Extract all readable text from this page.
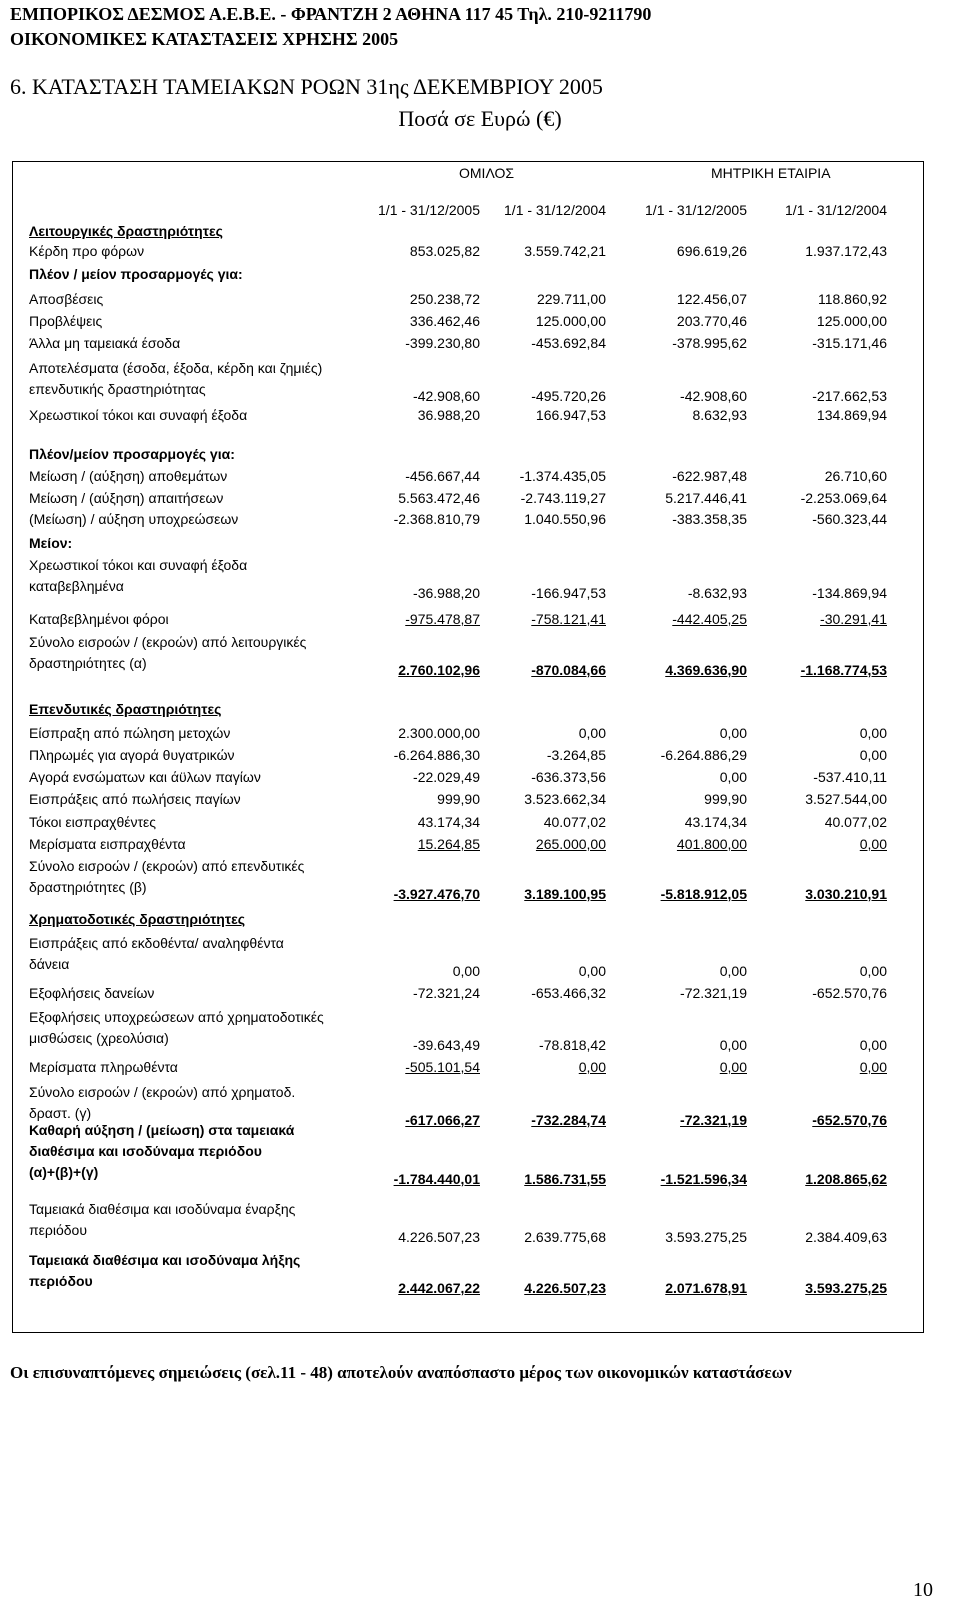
ΕΜΠΟΡΙΚΟΣ ΔΕΣΜΟΣ Α.Ε.Β.Ε. - ΦΡΑΝΤΖΗ 2 ΑΘΗΝΑ 117 45 Τηλ. 210-9211790
ΟΙΚΟΝΟΜΙΚΕΣ ΚΑΤΑΣΤΑΣΕΙΣ ΧΡΗΣΗΣ 2005
6. ΚΑΤΑΣΤΑΣΗ ΤΑΜΕΙΑΚΩΝ ΡΟΩΝ 31ης ΔΕΚΕΜΒΡΙΟΥ 2005
Ποσά σε Ευρώ (€)
ΟΜΙΛΟΣ	ΜΗΤΡΙΚΗ ΕΤΑΙΡΙΑ
1/1 - 31/12/2005 1/1 - 31/12/2004	1/1 - 31/12/2005	1/1 - 31/12/2004
Λειτουργικές δραστηριότητες
Κέρδη προ φόρων	853.025,82	3.559.742,21	696.619,26	1.937.172,43
Πλέον / μείον προσαρμογές για:
Αποσβέσεις	250.238,72	229.711,00	122.456,07	118.860,92
Προβλέψεις	336.462,46	125.000,00	203.770,46	125.000,00
Άλλα μη ταμειακά έσοδα	-399.230,80	-453.692,84	-378.995,62	-315.171,46
Αποτελέσματα (έσοδα, έξοδα, κέρδη και ζημιές)
επενδυτικής δραστηριότητας	-42.908,60	-495.720,26	-42.908,60	-217.662,53
Χρεωστικοί τόκοι και συναφή έξοδα	36.988,20	166.947,53	8.632,93	134.869,94
Πλέον/μείον προσαρμογές για:
Μείωση / (αύξηση) αποθεμάτων	-456.667,44	-1.374.435,05	-622.987,48	26.710,60
Μείωση / (αύξηση) απαιτήσεων	5.563.472,46	-2.743.119,27	5.217.446,41	-2.253.069,64
(Μείωση) / αύξηση υποχρεώσεων	-2.368.810,79	1.040.550,96	-383.358,35	-560.323,44
Μείον:
Χρεωστικοί τόκοι και συναφή έξοδα
καταβεβλημένα	-36.988,20	-166.947,53	-8.632,93	-134.869,94
Καταβεβλημένοι φόροι	-975.478,87	-758.121,41	-442.405,25	-30.291,41
Σύνολο εισροών / (εκροών) από λειτουργικές
δραστηριότητες (α)	2.760.102,96	-870.084,66	4.369.636,90	-1.168.774,53
Επενδυτικές δραστηριότητες
Είσπραξη από πώληση μετοχών	2.300.000,00	0,00	0,00	0,00
Πληρωμές για αγορά θυγατρικών	-6.264.886,30	-3.264,85	-6.264.886,29	0,00
Αγορά ενσώματων και άϋλων παγίων	-22.029,49	-636.373,56	0,00	-537.410,11
Εισπράξεις από πωλήσεις παγίων	999,90	3.523.662,34	999,90	3.527.544,00
Τόκοι εισπραχθέντες	43.174,34	40.077,02	43.174,34	40.077,02
Μερίσματα εισπραχθέντα	15.264,85	265.000,00	401.800,00	0,00
Σύνολο εισροών / (εκροών) από επενδυτικές
δραστηριότητες (β)	-3.927.476,70	3.189.100,95	-5.818.912,05	3.030.210,91
Χρηματοδοτικές δραστηριότητες
Εισπράξεις από εκδοθέντα/ αναληφθέντα
δάνεια	0,00	0,00	0,00	0,00
Εξοφλήσεις δανείων	-72.321,24	-653.466,32	-72.321,19	-652.570,76
Εξοφλήσεις υποχρεώσεων από χρηματοδοτικές
μισθώσεις (χρεολύσια)	-39.643,49	-78.818,42	0,00	0,00
Μερίσματα πληρωθέντα	-505.101,54	0,00	0,00	0,00
Σύνολο εισροών / (εκροών) από χρηματοδ.
δραστ. (γ)	-617.066,27	-732.284,74	-72.321,19	-652.570,76
Καθαρή αύξηση / (μείωση) στα ταμειακά
διαθέσιμα και ισοδύναμα περιόδου
(α)+(β)+(γ)	-1.784.440,01	1.586.731,55	-1.521.596,34	1.208.865,62
Ταμειακά διαθέσιμα και ισοδύναμα έναρξης
περιόδου	4.226.507,23	2.639.775,68	3.593.275,25	2.384.409,63
Ταμειακά διαθέσιμα και ισοδύναμα λήξης
περιόδου	2.442.067,22	4.226.507,23	2.071.678,91	3.593.275,25
Οι επισυναπτόμενες σημειώσεις (σελ.11 - 48) αποτελούν αναπόσπαστο μέρος των οικονομικών καταστάσεων
10
